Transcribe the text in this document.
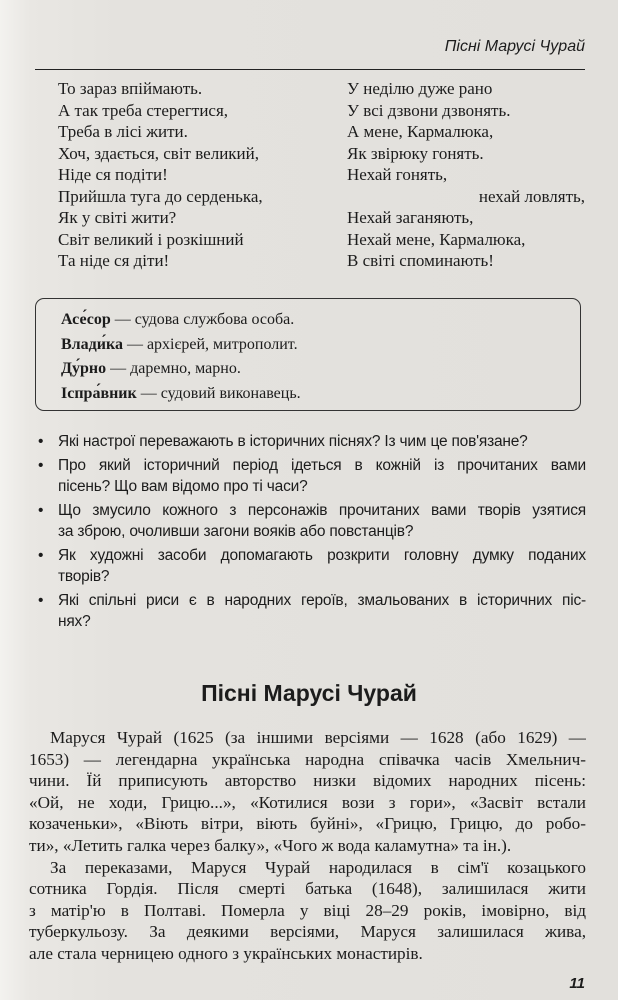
Пісні Марусі Чурай
То зараз впіймають.
А так треба стерегтися,
Треба в лісі жити.
Хоч, здається, світ великий,
Ніде ся подіти!
Прийшла туга до серденька,
Як у світі жити?
Світ великий і розкішний
Та ніде ся діти!
У неділю дуже рано
У всі дзвони дзвонять.
А мене, Кармалюка,
Як звірюку гонять.
Нехай гонять,
нехай ловлять,
Нехай заганяють,
Нехай мене, Кармалюка,
В світі споминають!
Асе́сор — судова службова особа.
Влади́ка — архієрей, митрополит.
Ду́рно — даремно, марно.
Іспра́вник — судовий виконавець.
• Які настрої переважають в історичних піснях? Із чим це пов'язане?
• Про який історичний період ідеться в кожній із прочитаних вами
пісень? Що вам відомо про ті часи?
• Що змусило кожного з персонажів прочитаних вами творів узятися
за зброю, очоливши загони вояків або повстанців?
• Як художні засоби допомагають розкрити головну думку поданих
творів?
• Які спільні риси є в народних героїв, змальованих в історичних піс-
нях?
Пісні Марусі Чурай
Маруся Чурай (1625 (за іншими версіями — 1628 (або 1629) —
1653) — легендарна українська народна співачка часів Хмельнич-
чини. Їй приписують авторство низки відомих народних пісень:
«Ой, не ходи, Грицю...», «Котилися вози з гори», «Засвіт встали
козаченьки», «Віють вітри, віють буйні», «Грицю, Грицю, до робо-
ти», «Летить галка через балку», «Чого ж вода каламутна» та ін.).
За переказами, Маруся Чурай народилася в сім'ї козацького
сотника Гордія. Після смерті батька (1648), залишилася жити
з матір'ю в Полтаві. Померла у віці 28–29 років, імовірно, від
туберкульозу. За деякими версіями, Маруся залишилася жива,
але стала черницею одного з українських монастирів.
11
